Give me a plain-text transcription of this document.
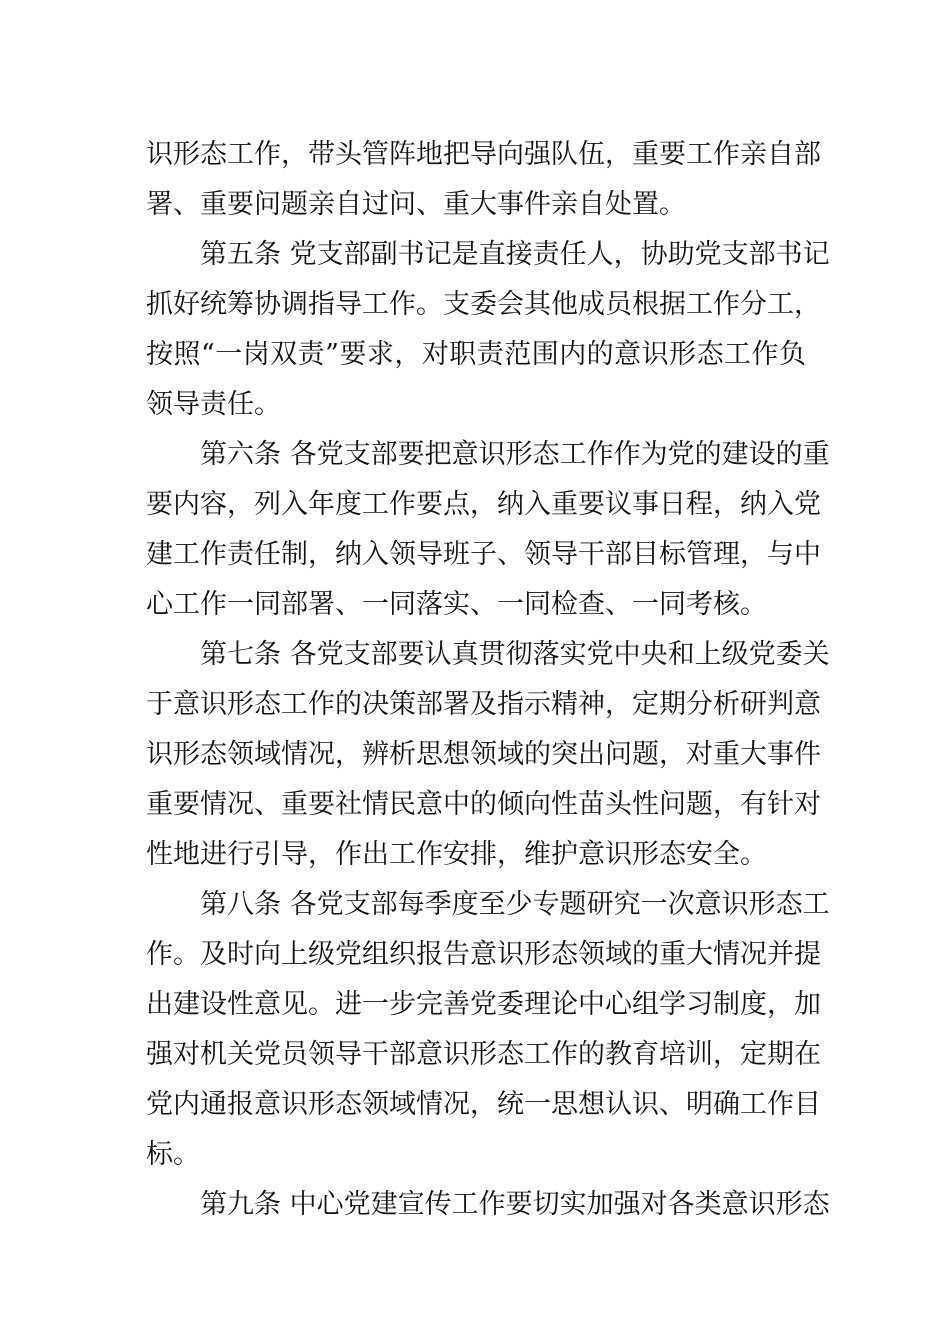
识形态工作，带头管阵地把导向强队伍，重要工作亲自部
署、重要问题亲自过问、重大事件亲自处置。
第五条 党支部副书记是直接责任人，协助党支部书记
抓好统筹协调指导工作。支委会其他成员根据工作分工，
按照“一岗双责”要求，对职责范围内的意识形态工作负
领导责任。
第六条 各党支部要把意识形态工作作为党的建设的重
要内容，列入年度工作要点，纳入重要议事日程，纳入党
建工作责任制，纳入领导班子、领导干部目标管理，与中
心工作一同部署、一同落实、一同检查、一同考核。
第七条 各党支部要认真贯彻落实党中央和上级党委关
于意识形态工作的决策部署及指示精神，定期分析研判意
识形态领域情况，辨析思想领域的突出问题，对重大事件
重要情况、重要社情民意中的倾向性苗头性问题，有针对
性地进行引导，作出工作安排，维护意识形态安全。
第八条 各党支部每季度至少专题研究一次意识形态工
作。及时向上级党组织报告意识形态领域的重大情况并提
出建设性意见。进一步完善党委理论中心组学习制度，加
强对机关党员领导干部意识形态工作的教育培训，定期在
党内通报意识形态领域情况，统一思想认识、明确工作目
标。
第九条 中心党建宣传工作要切实加强对各类意识形态
